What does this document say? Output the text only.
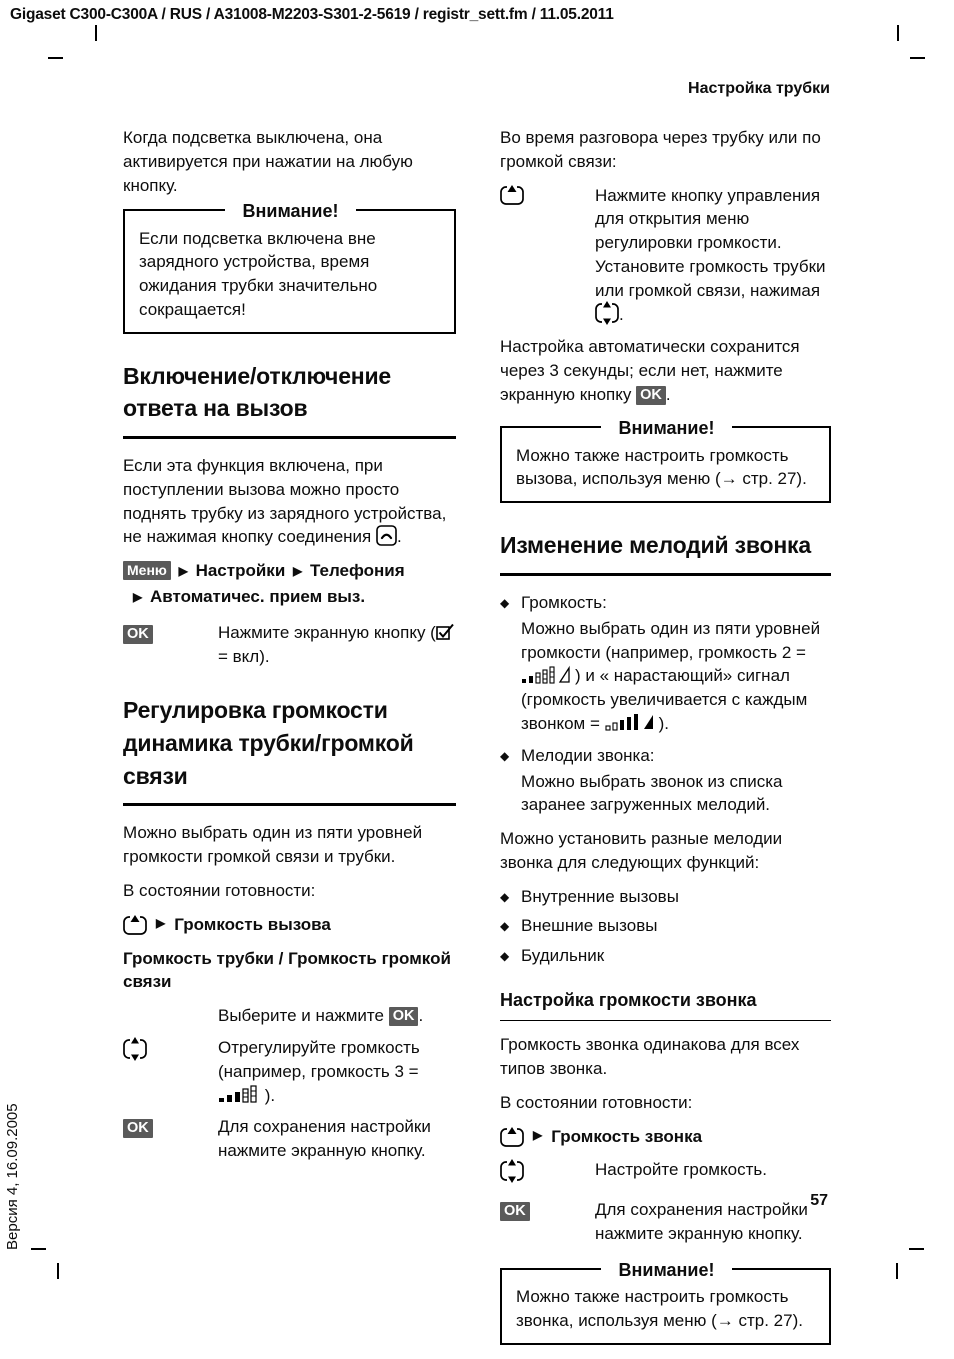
Gigaset C300-C300A / RUS / A31008-M2203-S301-2-5619 / registr_sett.fm / 11.05.2011
Настройка трубки
57
Версия 4, 16.09.2005

Когда подсветка выключена, она активируется при нажатии на любую кнопку.

Внимание!
Если подсветка включена вне зарядного устройства, время ожидания трубки значительно сокращается!
Включение/отключение ответа на вызов

Если эта функция включена, при поступлении вызова можно просто поднять трубку из зарядного устройства, не нажимая кнопку соединения .

Меню ▶ Настройки ▶ Телефония
▶ Автоматичес. прием выз.
OK	Нажмите экранную кнопку (= вкл).
Регулировка громкости динамика трубки/громкой связи

Можно выбрать один из пяти уровней громкости громкой связи и трубки.

В состоянии готовности:

▶ Громкость вызова

Громкость трубки / Громкость громкой связи

Выберите и нажмите OK .
Отрегулируйте громкость (например, громкость 3 =  ).
OK	Для сохранения настройки нажмите экранную кнопку.

Во время разговора через трубку или по громкой связи:

Нажмите кнопку управления для открытия меню регулировки громкости. Установите громкость трубки или громкой связи, нажимая .

Настройка автоматически сохранится через 3 секунды; если нет, нажмите экранную кнопку OK .

Внимание!
Можно также настроить громкость вызова, используя меню (→ стр. 27).
Изменение мелодий звонка
◆ Громкость:
Можно выбрать один из пяти уровней громкости (например, громкость 2 = ) и « нарастающий» сигнал (громкость увеличивается с каждым звонком =	).
◆ Мелодии звонка:
Можно выбрать звонок из списка заранее загруженных мелодий.

Можно установить разные мелодии звонка для следующих функций:

◆ Внутренние вызовы
◆ Внешние вызовы
◆ Будильник
Настройка громкости звонка

Громкость звонка одинакова для всех типов звонка.

В состоянии готовности:

▶ Громкость звонка
Настройте громкость.
OK	Для сохранения настройки нажмите экранную кнопку.
Внимание!
Можно также настроить громкость звонка, используя меню (→ стр. 27).
